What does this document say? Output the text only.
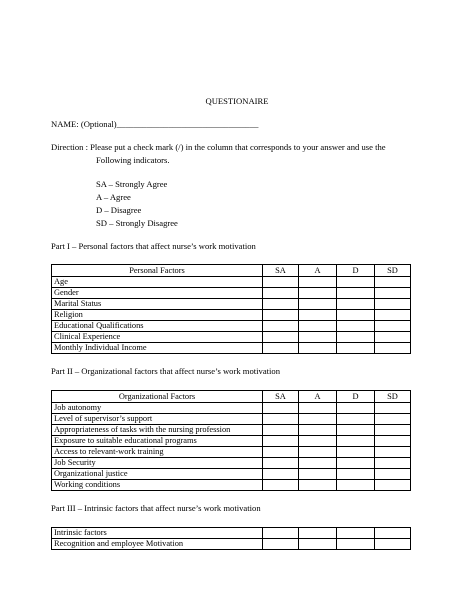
QUESTIONAIRE
NAME: (Optional)_________________________________
Direction : Please put a check mark (/) in the column that corresponds to your answer and use the
Following indicators.
SA – Strongly Agree
A – Agree
D – Disagree
SD – Strongly Disagree
Part I – Personal factors that affect nurse’s work motivation
Personal Factors	SA	A	D	SD
Age				
Gender				
Marital Status				
Religion				
Educational Qualifications				
Clinical Experience				
Monthly Individual Income				
Part II – Organizational factors that affect nurse’s work motivation
Organizational Factors	SA	A	D	SD
Job autonomy				
Level of supervisor’s support				
Appropriateness of tasks with the nursing profession				
Exposure to suitable educational programs				
Access to relevant-work training				
Job Security				
Organizational justice				
Working conditions				
Part III – Intrinsic factors that affect nurse’s work motivation
Intrinsic factors				
Recognition and employee Motivation				
